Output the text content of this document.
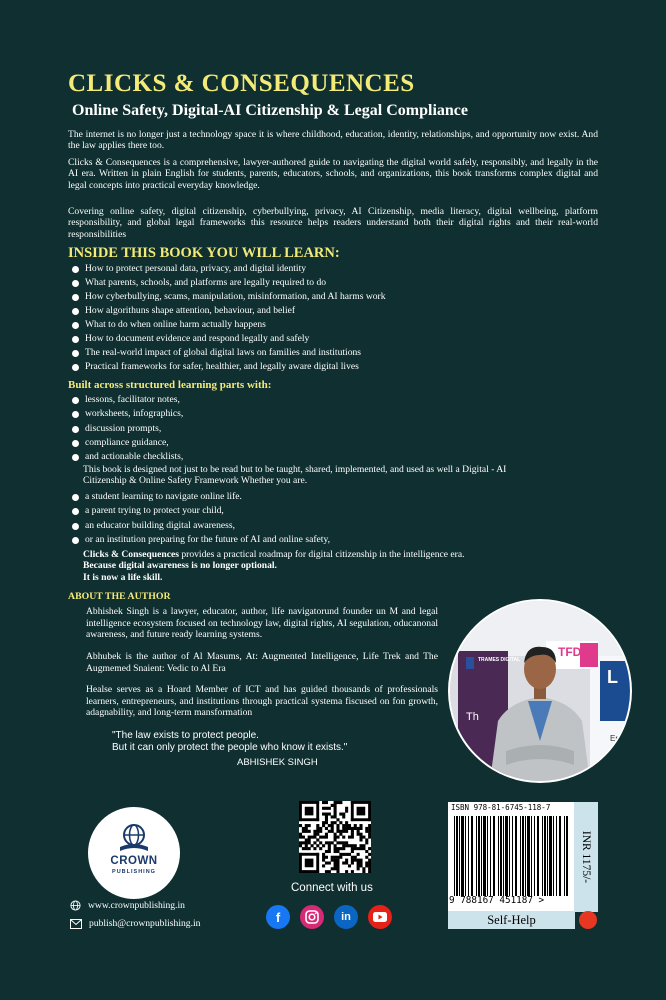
CLICKS & CONSEQUENCES
Online Safety, Digital-AI Citizenship & Legal Compliance
The internet is no longer just a technology space it is where childhood, education, identity, relationships, and opportunity now exist. And the law applies there too.
Clicks & Consequences is a comprehensive, lawyer-authored guide to navigating the digital world safely, responsibly, and legally in the AI era. Written in plain English for students, parents, educators, schools, and organizations, this book transforms complex digital and legal concepts into practical everyday knowledge.
Covering online safety, digital citizenship, cyberbullying, privacy, AI Citizenship, media literacy, digital wellbeing, platform responsibility, and global legal frameworks this resource helps readers understand both their digital rights and their real-world responsibilities
INSIDE THIS BOOK YOU WILL LEARN:
How to protect personal data, privacy, and digital identity
What parents, schools, and platforms are legally required to do
How cyberbullying, scams, manipulation, misinformation, and AI harms work
How algorithuns shape attention, behaviour, and belief
What to do when online harm actually happens
How to document evidence and respond legally and safely
The real-world impact of global digital laws on families and institutions
Practical frameworks for safer, healthier, and legally aware digital lives
Built across structured learning parts with:
lessons, facilitator notes,
worksheets, infographics,
discussion prompts,
compliance guidance,
and actionable checklists,
This book is designed not just to be read but to be taught, shared, implemented, and used as well a Digital - AI
Citizenship & Online Safety Framework Whether you are.
a student learning to navigate online life.
a parent trying to protect your child,
an educator building digital awareness,
or an institution preparing for the future of AI and online safety,
Clicks & Consequences provides a practical roadmap for digital citizenship in the intelligence era.
Because digital awareness is no longer optional.
It is now a life skill.
ABOUT THE AUTHOR
Abhishek Singh is a lawyer, educator, author, life navigatorund founder un M and legal intelligence ecosystem focused on technology law, digital rights, AI segulation, oducanonal awareness, and future ready learning systems.
Abhubek is the author of Al Masums, At: Augmented Intelligence, Life Trek and The Augmemed Snaient: Vedic to Al Era
Healse serves as a Hoard Member of ICT and has guided thousands of professionals learners, entrepreneurs, and institutions through practical systema fiscused on fon growth, adagnability, and long-term mansformation
"The law exists to protect people.
But it can only protect the people who know it exists."
ABHISHEK SINGH
TRAMES DIGITAL
TFD
L
Th
En
CROWN
PUBLISHING
www.crownpublishing.in
publish@crownpublishing.in
Connect with us
f	in
ISBN 978-81-6745-118-7
9 788167 451187 >
INR 1175/-
Self-Help
